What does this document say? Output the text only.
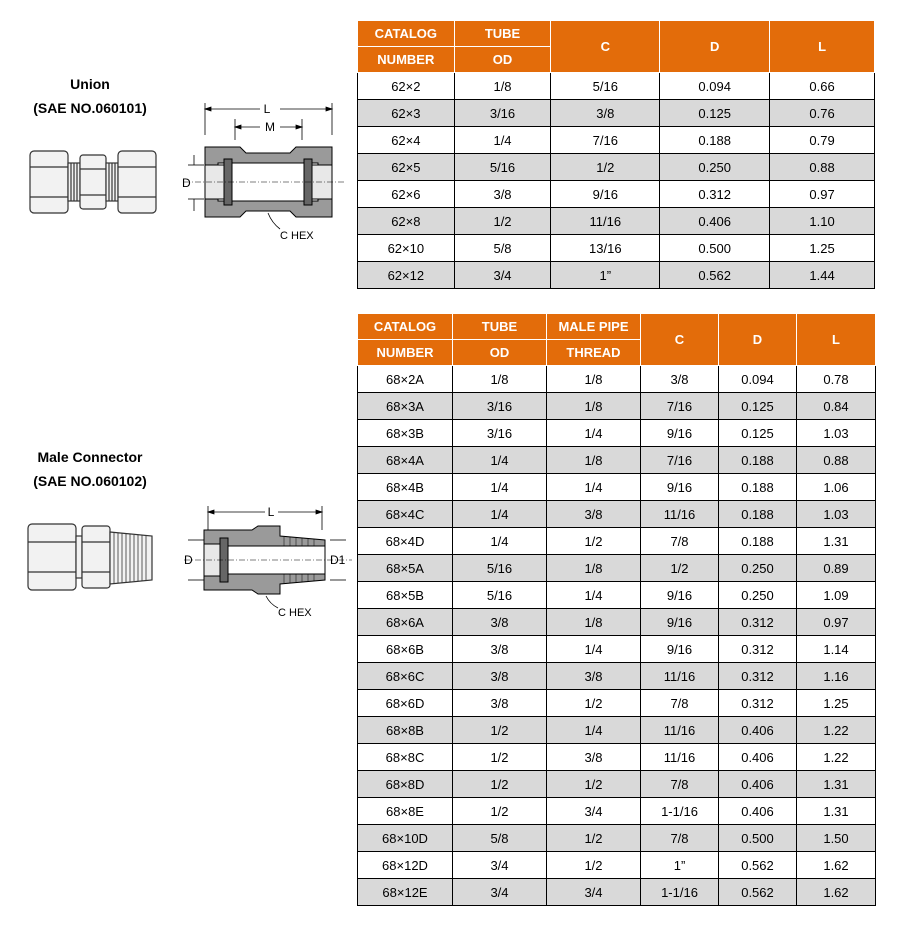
Union
(SAE NO.060101)	L
M
D
C HEX
CATALOG	TUBE	C	D	L
NUMBER	OD			
62×2	1/8	5/16	0.094	0.66
62×3	3/16	3/8	0.125	0.76
62×4	1/4	7/16	0.188	0.79
62×5	5/16	1/2	0.250	0.88
62×6	3/8	9/16	0.312	0.97
62×8	1/2	11/16	0.406	1.10
62×10	5/8	13/16	0.500	1.25
62×12	3/4	1”	0.562	1.44
Male Connector
(SAE NO.060102)
L
D	D1
C HEX
CATALOG	TUBE	MALE PIPE	C	D	L
NUMBER	OD	THREAD			
68×2A	1/8	1/8	3/8	0.094	0.78
68×3A	3/16	1/8	7/16	0.125	0.84
68×3B	3/16	1/4	9/16	0.125	1.03
68×4A	1/4	1/8	7/16	0.188	0.88
68×4B	1/4	1/4	9/16	0.188	1.06
68×4C	1/4	3/8	11/16	0.188	1.03
68×4D	1/4	1/2	7/8	0.188	1.31
68×5A	5/16	1/8	1/2	0.250	0.89
68×5B	5/16	1/4	9/16	0.250	1.09
68×6A	3/8	1/8	9/16	0.312	0.97
68×6B	3/8	1/4	9/16	0.312	1.14
68×6C	3/8	3/8	11/16	0.312	1.16
68×6D	3/8	1/2	7/8	0.312	1.25
68×8B	1/2	1/4	11/16	0.406	1.22
68×8C	1/2	3/8	11/16	0.406	1.22
68×8D	1/2	1/2	7/8	0.406	1.31
68×8E	1/2	3/4	1-1/16	0.406	1.31
68×10D	5/8	1/2	7/8	0.500	1.50
68×12D	3/4	1/2	1”	0.562	1.62
68×12E	3/4	3/4	1-1/16	0.562	1.62
